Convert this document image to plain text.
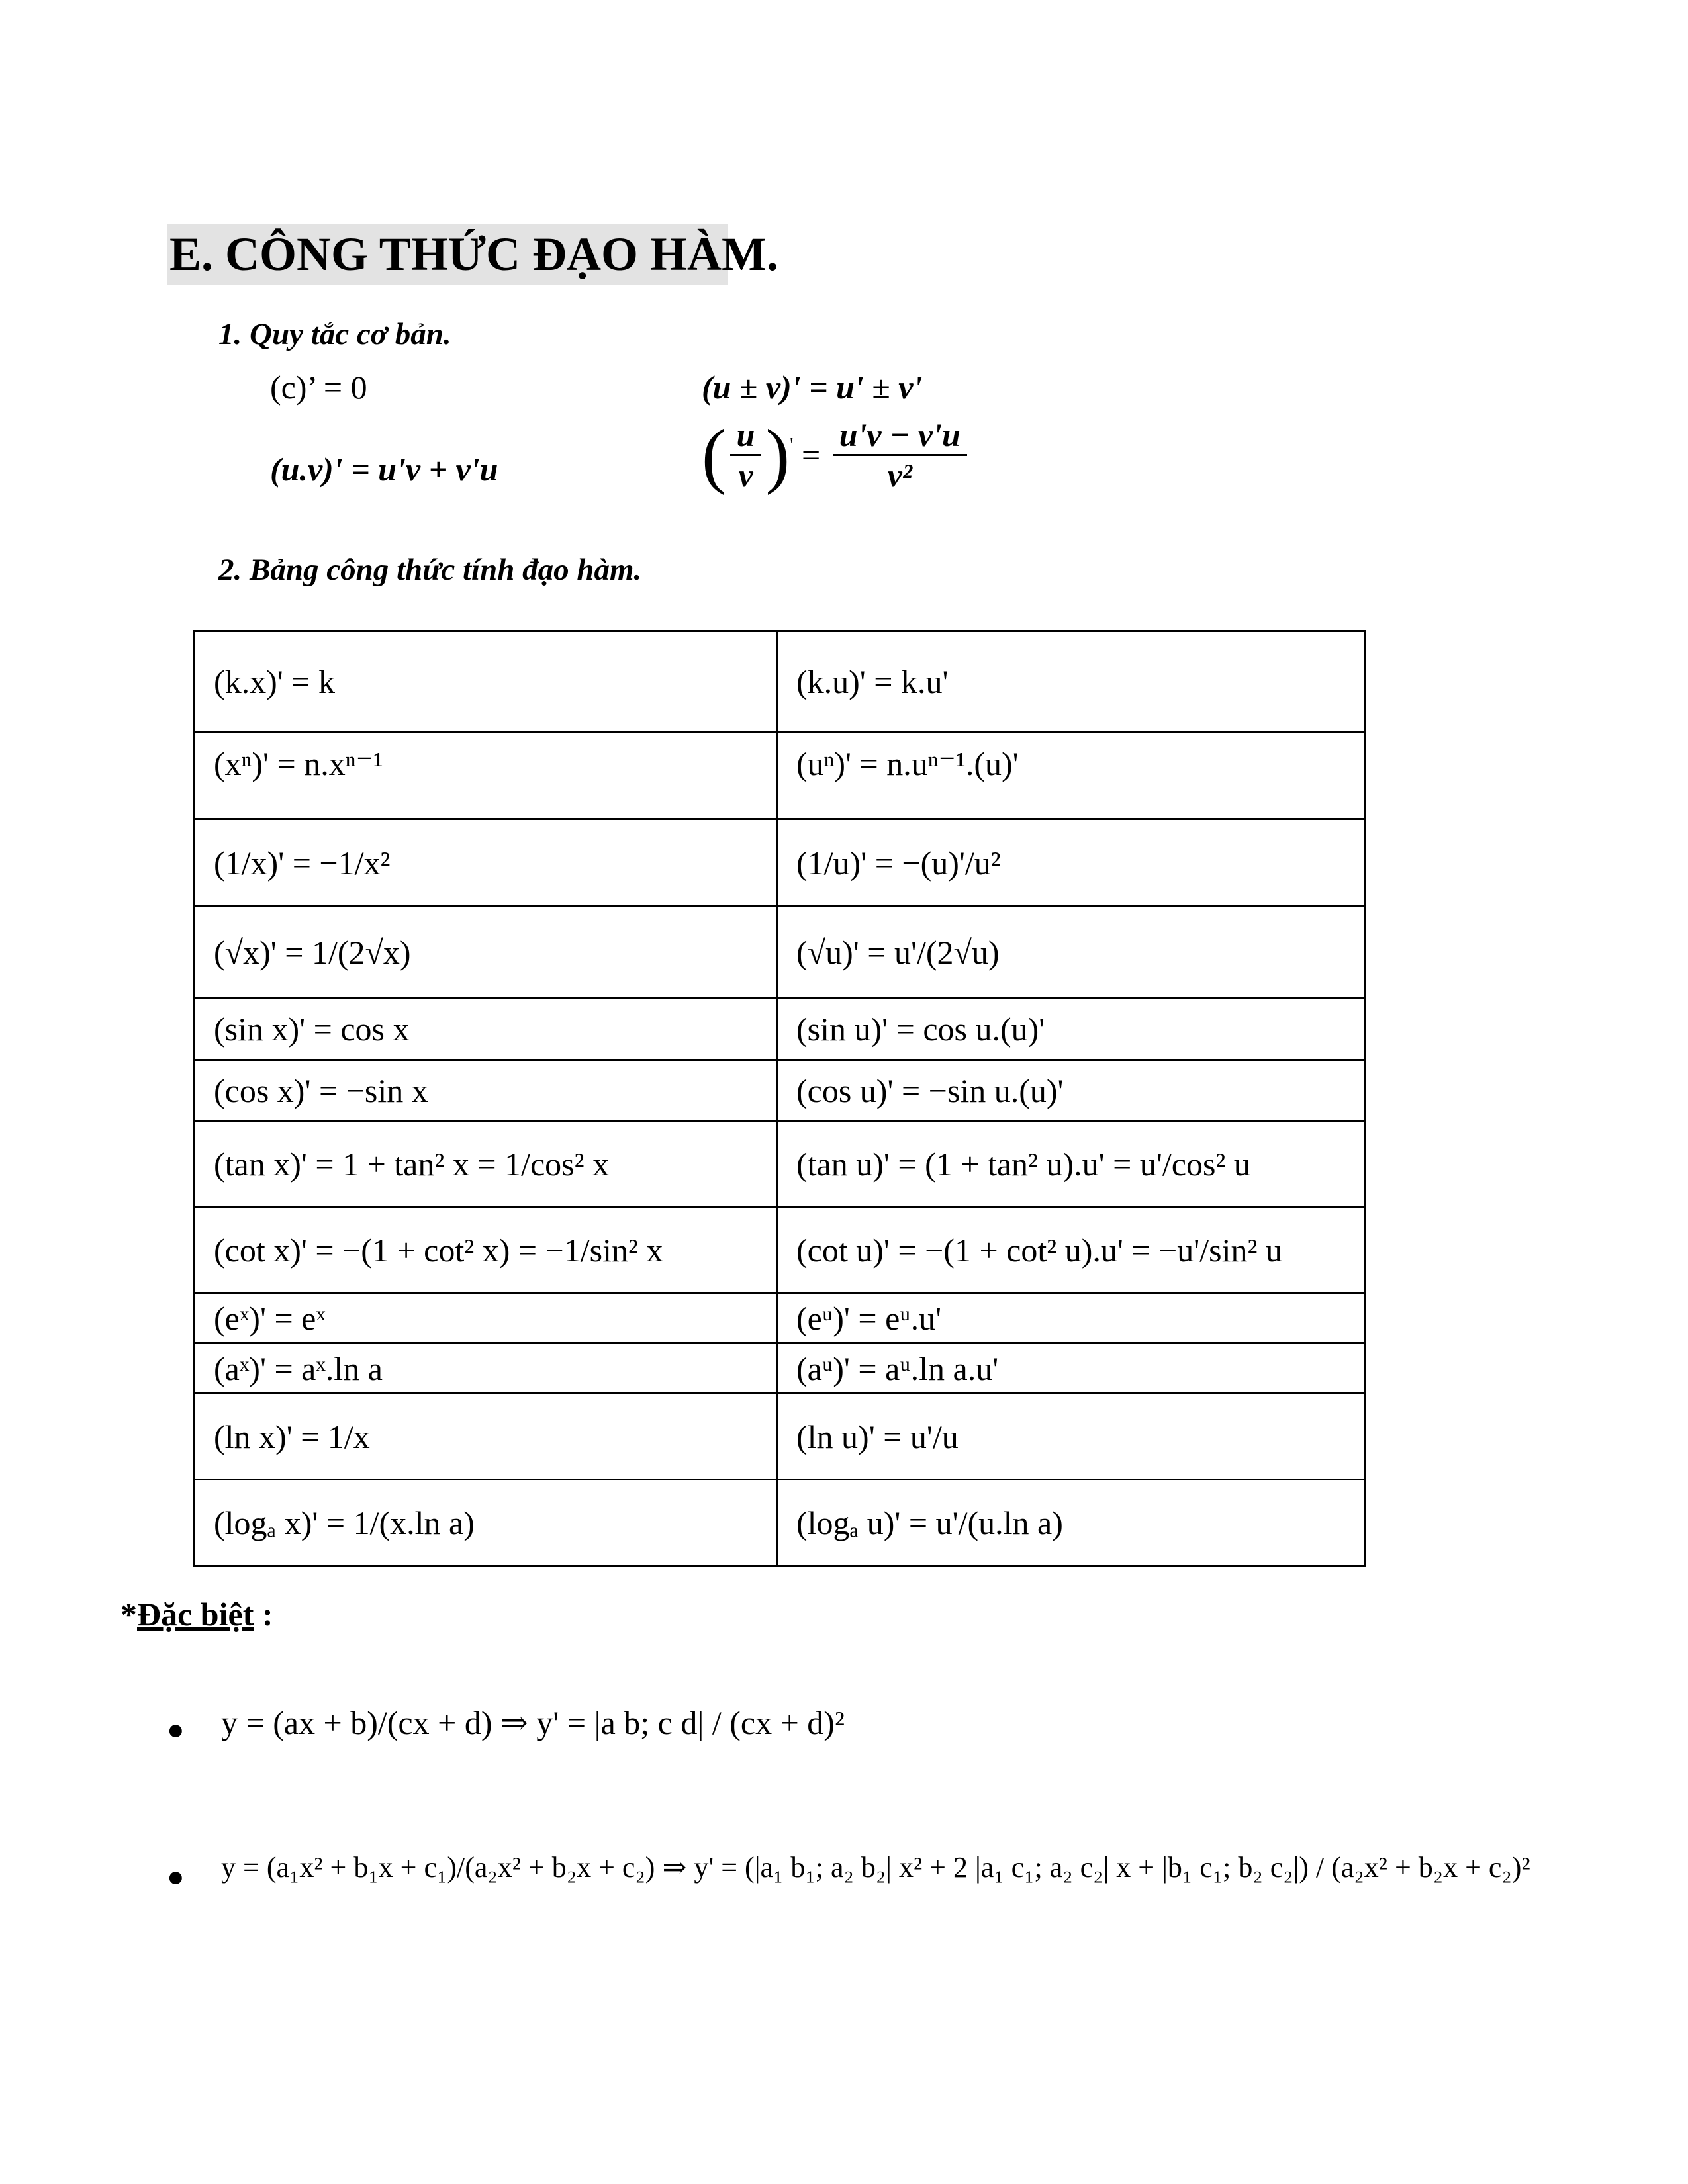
E. CÔNG THỨC ĐẠO HÀM.
1. Quy tắc cơ bản.
(c)’ = 0	(u ± v)' = u' ± v'
(u.v)' = u'v + v'u	( $\frac{u}{v} )' = \frac{u'v - v'u}{\text{v²}}$
2. Bảng công thức tính đạo hàm.
(k.x)' = k	(k.u)' = k.u'
(xⁿ)' = n.xⁿ⁻¹	(uⁿ)' = n.uⁿ⁻¹.(u)'
(1/x)' = −1/x²	(1/u)' = −(u)'/u²
(√x)' = 1/(2√x)	(√u)' = u'/(2√u)
(sin x)' = cos x	(sin u)' = cos u.(u)'
(cos x)' = −sin x	(cos u)' = −sin u.(u)'
(tan x)' = 1 + tan² x = 1/cos² x	(tan u)' = (1 + tan² u).u' = u'/cos² u
(cot x)' = −(1 + cot² x) = −1/sin² x	(cot u)' = −(1 + cot² u).u' = −u'/sin² u
(eˣ)' = eˣ	(eᵘ)' = eᵘ.u'
(aˣ)' = aˣ.ln a	(aᵘ)' = aᵘ.ln a.u'
(ln x)' = 1/x	(ln u)' = u'/u
(logₐ x)' = 1/(x.ln a)	(logₐ u)' = u'/(u.ln a)
*Đặc biệt :
● y = (ax + b)/(cx + d) ⇒ y' = |a b; c d| / (cx + d)²
● y = (a₁x² + b₁x + c₁)/(a₂x² + b₂x + c₂) ⇒ y' = (|a₁ b₁; a₂ b₂| x² + 2 |a₁ c₁; a₂ c₂| x + |b₁ c₁; b₂ c₂|) / (a₂x² + b₂x + c₂)²
